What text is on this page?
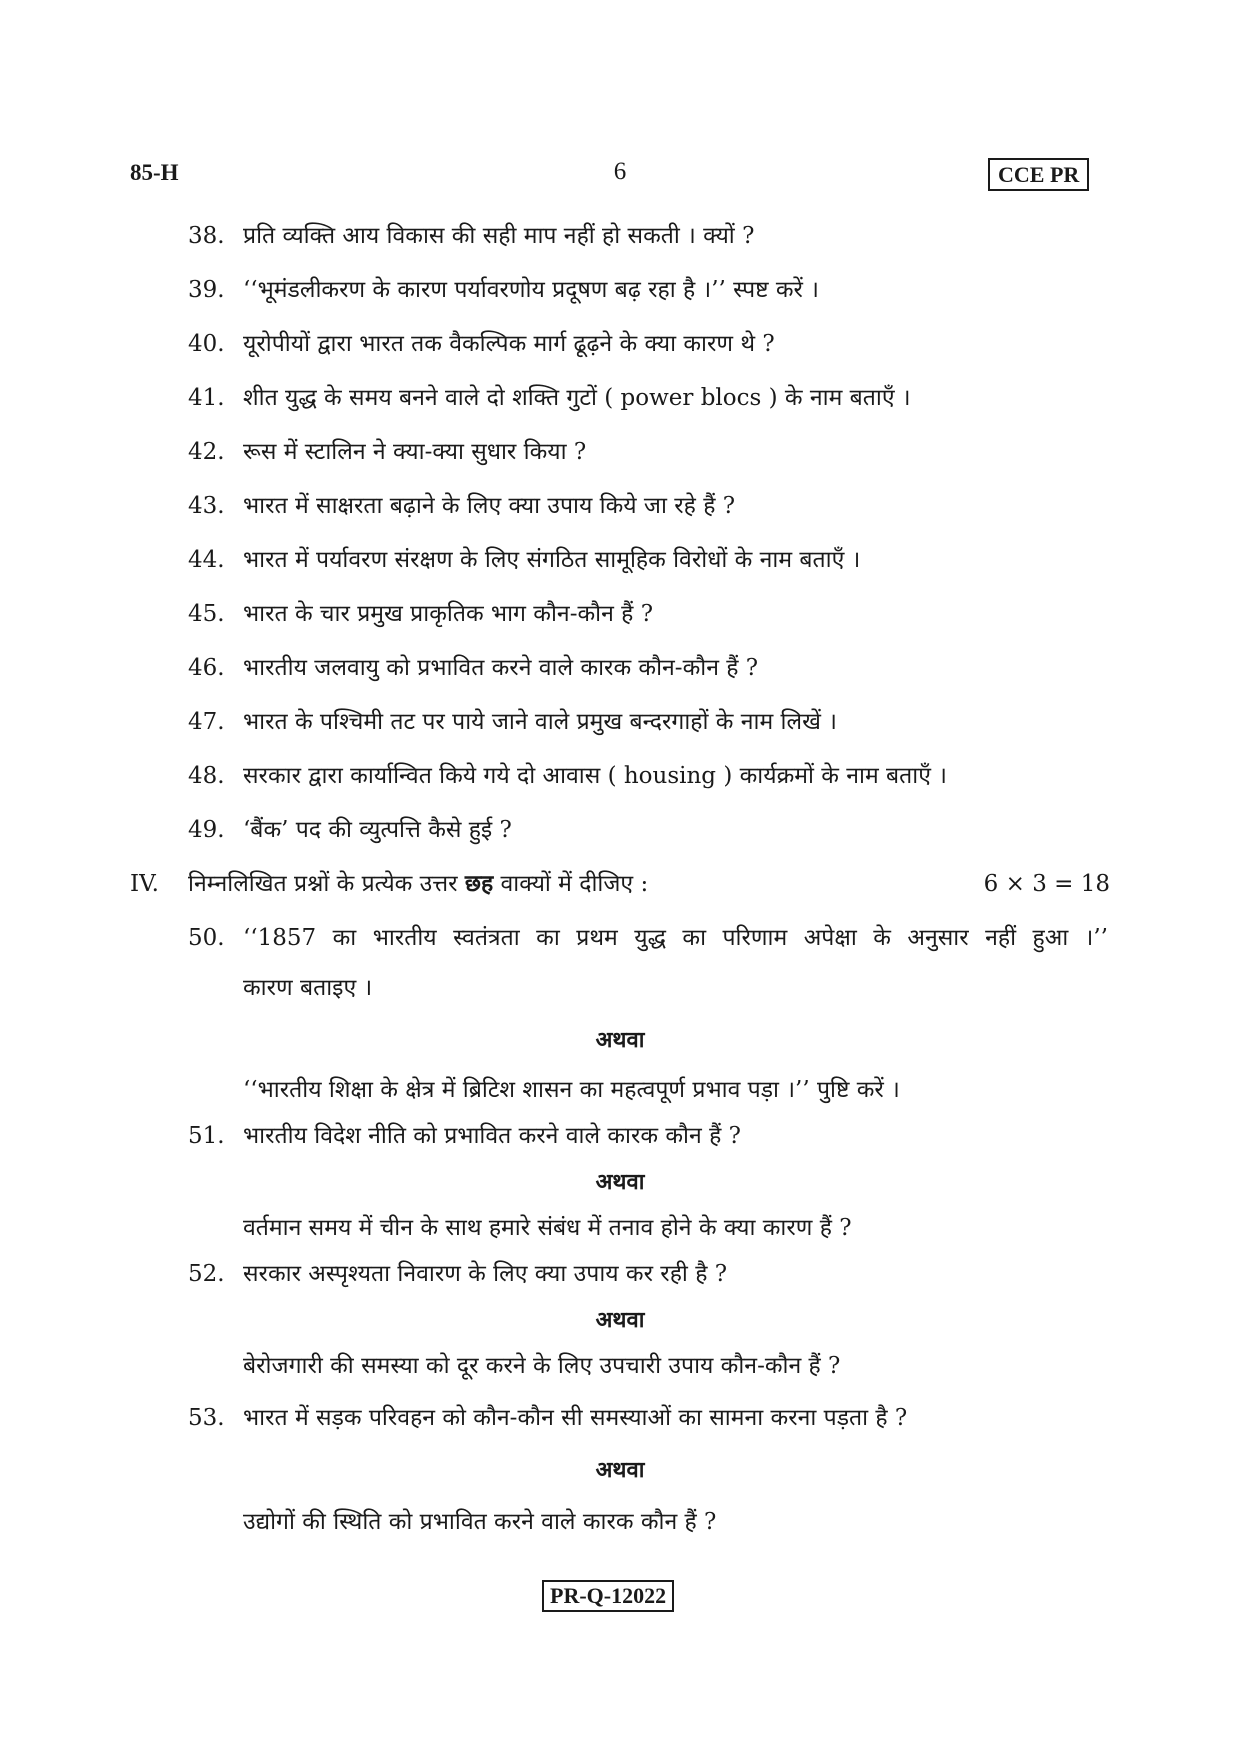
85-H	6	CCE PR
38. प्रति व्यक्ति आय विकास की सही माप नहीं हो सकती । क्यों ?
39. ‘‘भूमंडलीकरण के कारण पर्यावरणोय प्रदूषण बढ़ रहा है ।’’ स्पष्ट करें ।
40. यूरोपीयों द्वारा भारत तक वैकल्पिक मार्ग ढूढ़ने के क्या कारण थे ?
41. शीत युद्ध के समय बनने वाले दो शक्ति गुटों ( power blocs ) के नाम बताएँ ।
42. रूस में स्टालिन ने क्या-क्या सुधार किया ?
43. भारत में साक्षरता बढ़ाने के लिए क्या उपाय किये जा रहे हैं ?
44. भारत में पर्यावरण संरक्षण के लिए संगठित सामूहिक विरोधों के नाम बताएँ ।
45. भारत के चार प्रमुख प्राकृतिक भाग कौन-कौन हैं ?
46. भारतीय जलवायु को प्रभावित करने वाले कारक कौन-कौन हैं ?
47. भारत के पश्चिमी तट पर पाये जाने वाले प्रमुख बन्दरगाहों के नाम लिखें ।
48. सरकार द्वारा कार्यान्वित किये गये दो आवास ( housing ) कार्यक्रमों के नाम बताएँ ।
49. ‘बैंक’ पद की व्युत्पत्ति कैसे हुई ?
IV. निम्नलिखित प्रश्नों के प्रत्येक उत्तर छह वाक्यों में दीजिए :	6 × 3 = 18
50. ‘‘1857 का भारतीय स्वतंत्रता का प्रथम युद्ध का परिणाम अपेक्षा के अनुसार नहीं हुआ ।’’
कारण बताइए ।
अथवा
‘‘भारतीय शिक्षा के क्षेत्र में ब्रिटिश शासन का महत्वपूर्ण प्रभाव पड़ा ।’’ पुष्टि करें ।
51. भारतीय विदेश नीति को प्रभावित करने वाले कारक कौन हैं ?
अथवा
वर्तमान समय में चीन के साथ हमारे संबंध में तनाव होने के क्या कारण हैं ?
52. सरकार अस्पृश्यता निवारण के लिए क्या उपाय कर रही है ?
अथवा
बेरोजगारी की समस्या को दूर करने के लिए उपचारी उपाय कौन-कौन हैं ?
53. भारत में सड़क परिवहन को कौन-कौन सी समस्याओं का सामना करना पड़ता है ?
अथवा
उद्योगों की स्थिति को प्रभावित करने वाले कारक कौन हैं ?
PR-Q-12022
